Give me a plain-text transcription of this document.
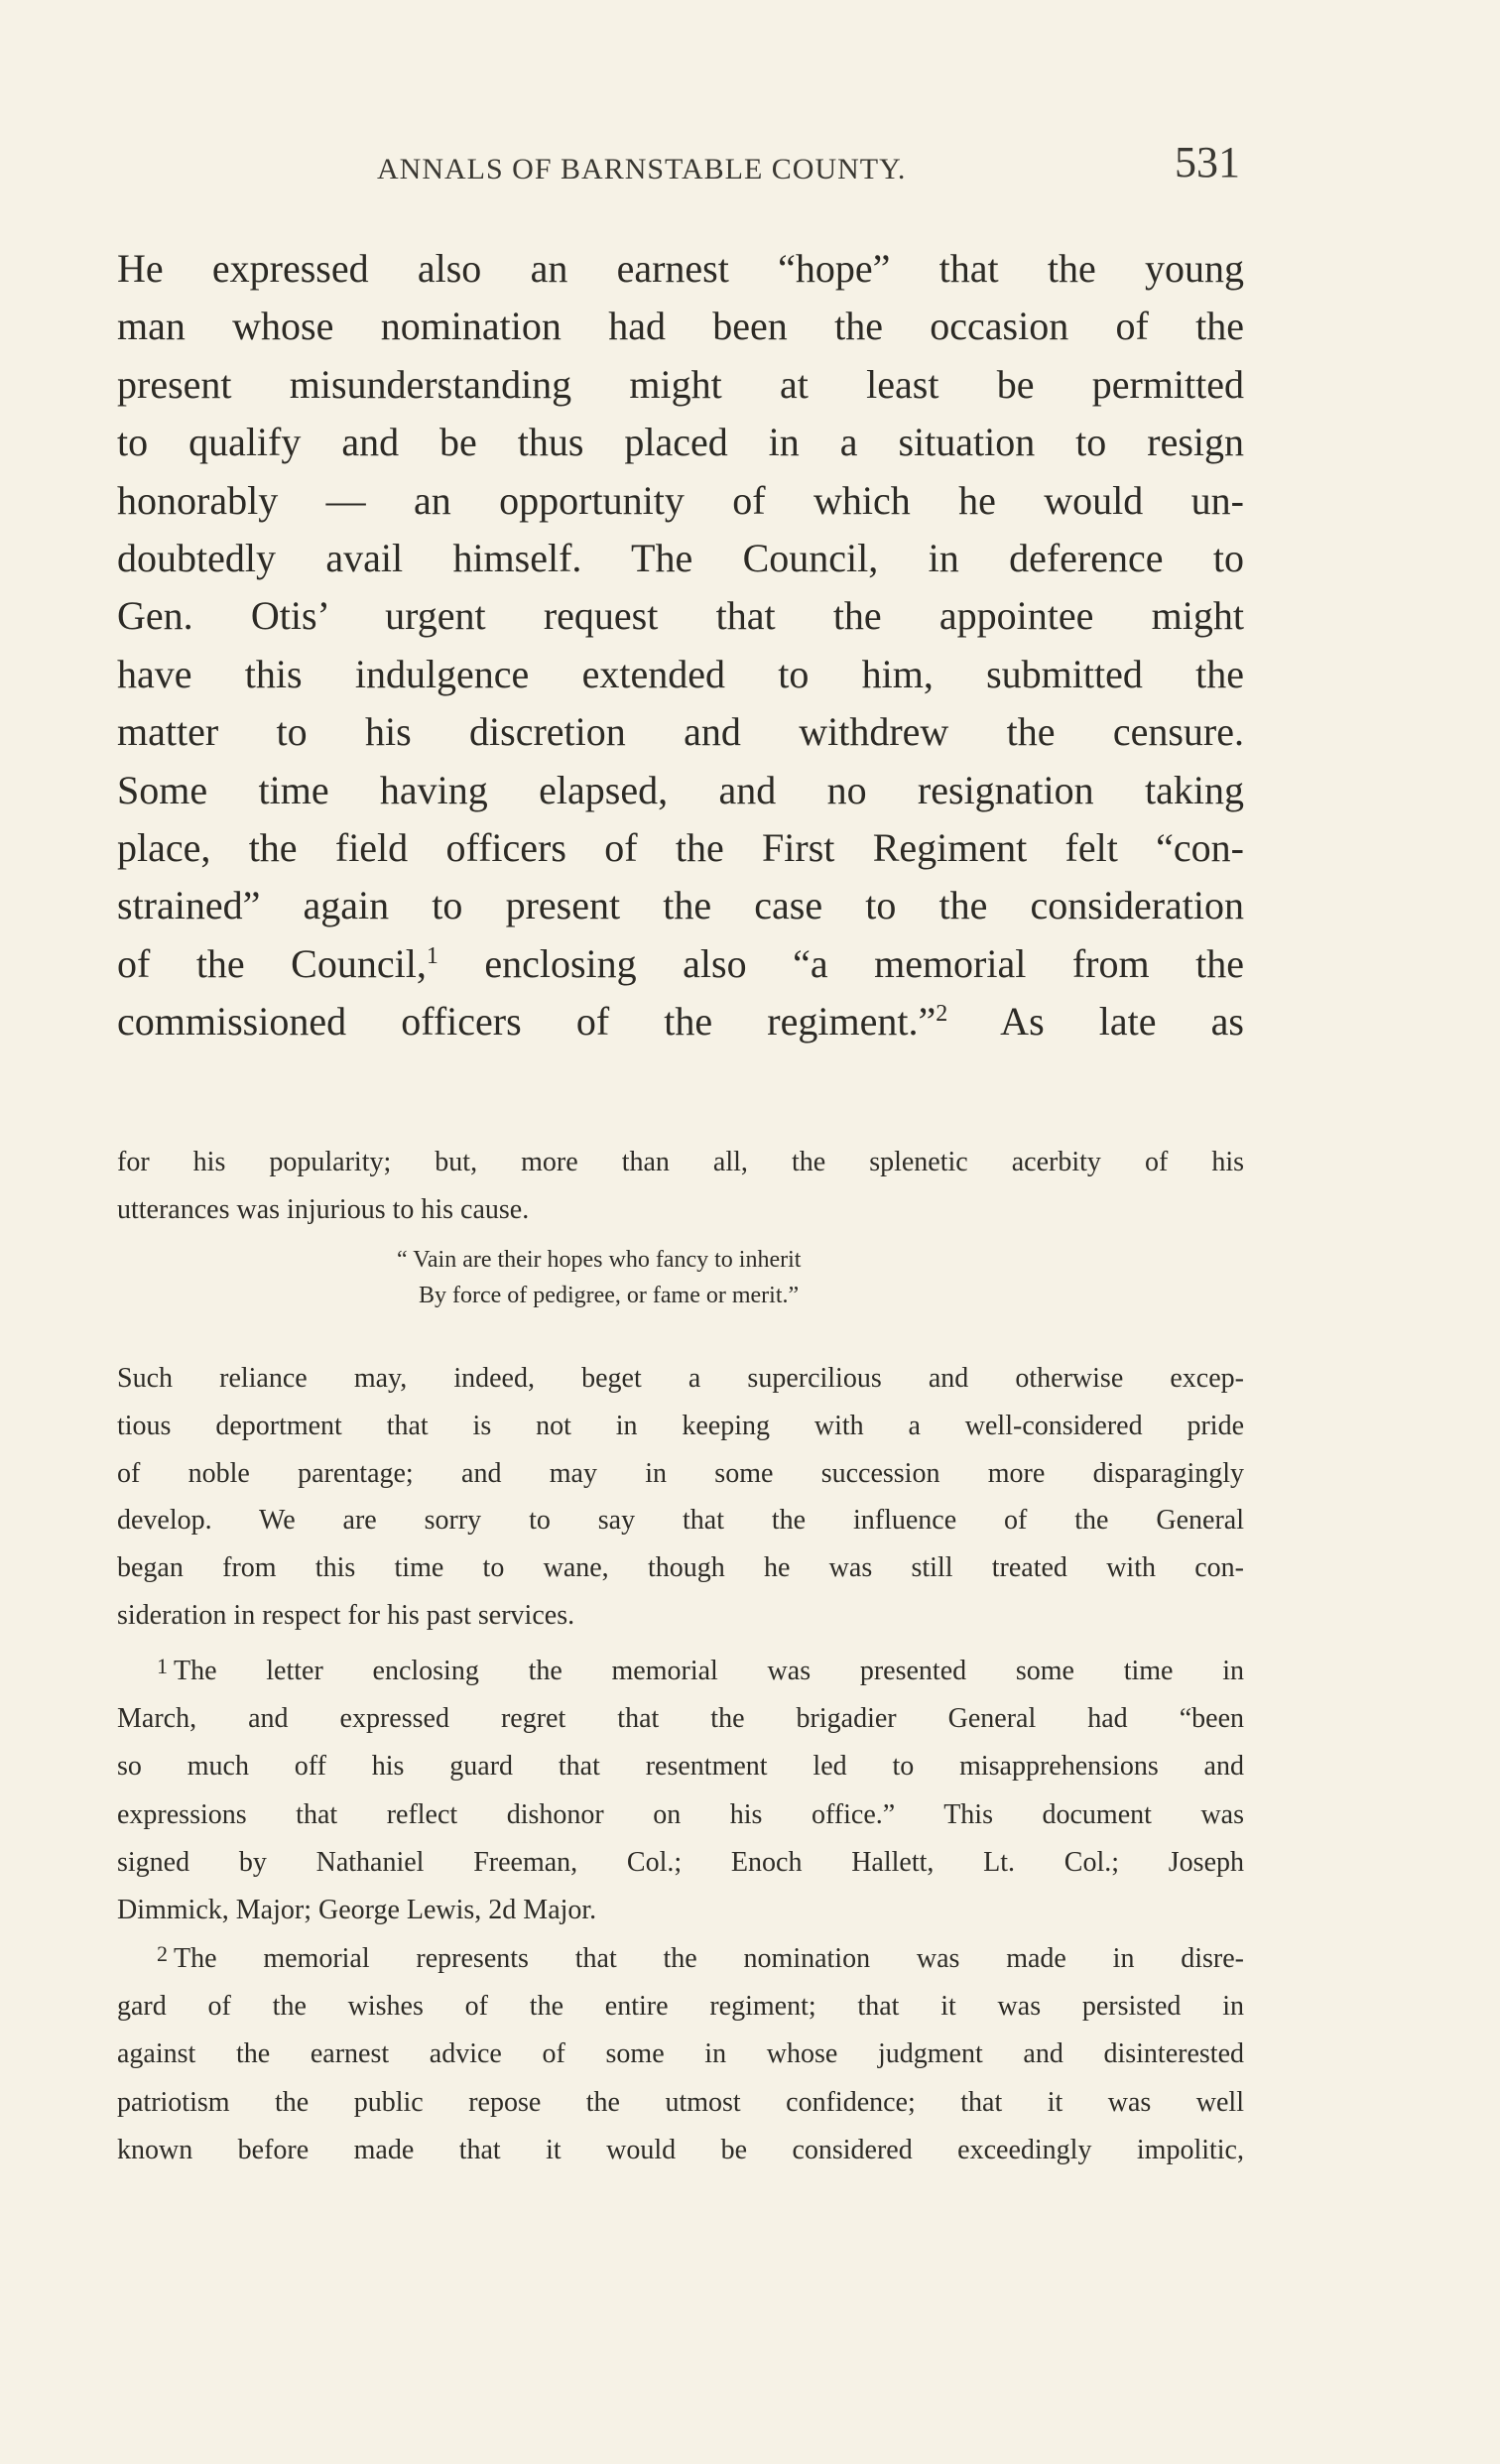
ANNALS OF BARNSTABLE COUNTY.	531
He expressed also an earnest “hope” that the young
man whose nomination had been the occasion of the
present misunderstanding might at least be permitted
to qualify and be thus placed in a situation to resign
honorably — an opportunity of which he would un-
doubtedly avail himself. The Council, in deference to
Gen. Otis’ urgent request that the appointee might
have this indulgence extended to him, submitted the
matter to his discretion and withdrew the censure.
Some time having elapsed, and no resignation taking
place, the field officers of the First Regiment felt “con-
strained” again to present the case to the consideration
of the Council,$^1$ enclosing also “a memorial from the
commissioned officers of the regiment.”$^2$ As late as
for his popularity; but, more than all, the splenetic acerbity of his
utterances was injurious to his cause.
“ Vain are their hopes who fancy to inherit
By force of pedigree, or fame or merit.”
Such reliance may, indeed, beget a supercilious and otherwise excep-
tious deportment that is not in keeping with a well-considered pride
of noble parentage; and may in some succession more disparagingly
develop. We are sorry to say that the influence of the General
began from this time to wane, though he was still treated with con-
sideration in respect for his past services.
$^1$ The letter enclosing the memorial was presented some time in
March, and expressed regret that the brigadier General had “been
so much off his guard that resentment led to misapprehensions and
expressions that reflect dishonor on his office.” This document was
signed by Nathaniel Freeman, Col.; Enoch Hallett, Lt. Col.; Joseph
Dimmick, Major; George Lewis, 2d Major.
$^2$ The memorial represents that the nomination was made in disre-
gard of the wishes of the entire regiment; that it was persisted in
against the earnest advice of some in whose judgment and disinterested
patriotism the public repose the utmost confidence; that it was well
known before made that it would be considered exceedingly impolitic,
